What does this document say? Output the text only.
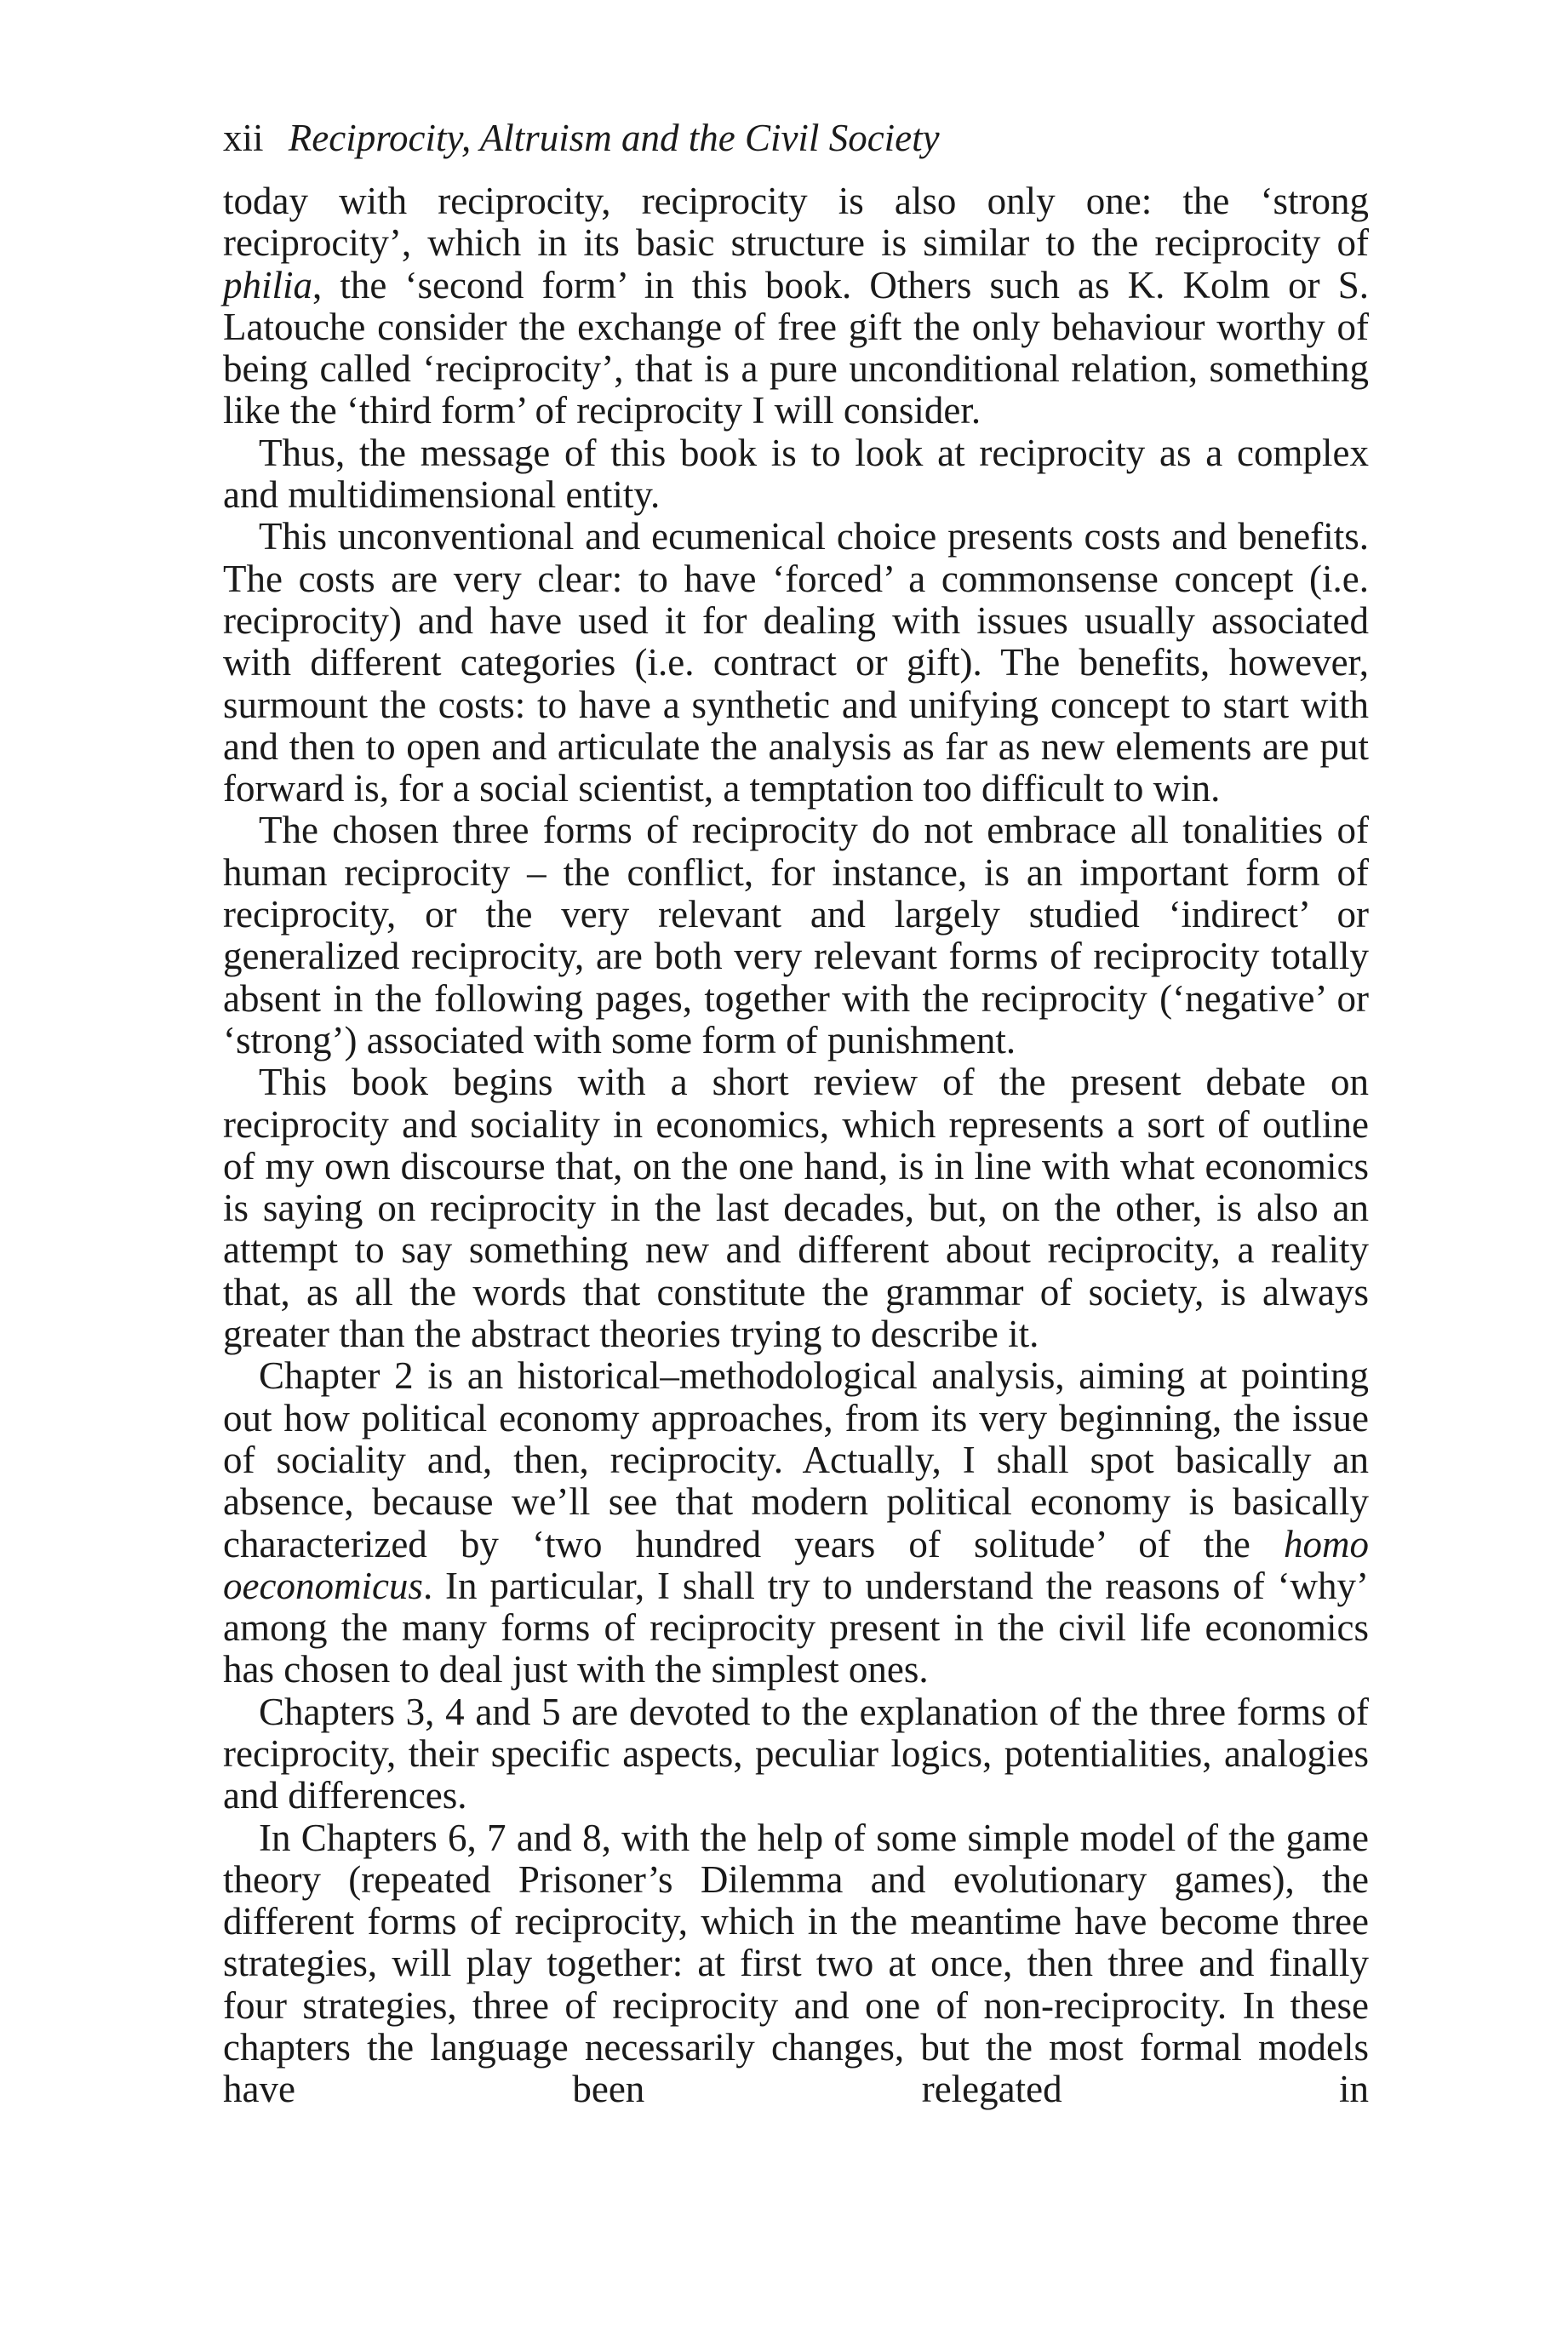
xii Reciprocity, Altruism and the Civil Society

today with reciprocity, reciprocity is also only one: the ‘strong reciprocity’, which in its basic structure is similar to the reciprocity of philia, the ‘second form’ in this book. Others such as K. Kolm or S. Latouche consider the exchange of free gift the only behaviour worthy of being called ‘reciprocity’, that is a pure unconditional relation, something like the ‘third form’ of reciprocity I will consider.

Thus, the message of this book is to look at reciprocity as a complex and multidimensional entity.

This unconventional and ecumenical choice presents costs and benefits. The costs are very clear: to have ‘forced’ a commonsense concept (i.e. reciprocity) and have used it for dealing with issues usually associated with different categories (i.e. contract or gift). The benefits, however, surmount the costs: to have a synthetic and unifying concept to start with and then to open and articulate the analysis as far as new elements are put forward is, for a social scientist, a temptation too difficult to win.

The chosen three forms of reciprocity do not embrace all tonalities of human reciprocity – the conflict, for instance, is an important form of reciprocity, or the very relevant and largely studied ‘indirect’ or generalized reciprocity, are both very relevant forms of reciprocity totally absent in the following pages, together with the reciprocity (‘negative’ or ‘strong’) associated with some form of punishment.

This book begins with a short review of the present debate on reciprocity and sociality in economics, which represents a sort of outline of my own discourse that, on the one hand, is in line with what economics is saying on reciprocity in the last decades, but, on the other, is also an attempt to say something new and different about reciprocity, a reality that, as all the words that constitute the grammar of society, is always greater than the abstract theories trying to describe it.

Chapter 2 is an historical–methodological analysis, aiming at pointing out how political economy approaches, from its very beginning, the issue of sociality and, then, reciprocity. Actually, I shall spot basically an absence, because we’ll see that modern political economy is basically characterized by ‘two hundred years of solitude’ of the homo oeconomicus. In particular, I shall try to understand the reasons of ‘why’ among the many forms of reciprocity present in the civil life economics has chosen to deal just with the simplest ones.

Chapters 3, 4 and 5 are devoted to the explanation of the three forms of reciprocity, their specific aspects, peculiar logics, potentialities, analogies and differences.

In Chapters 6, 7 and 8, with the help of some simple model of the game theory (repeated Prisoner’s Dilemma and evolutionary games), the different forms of reciprocity, which in the meantime have become three strategies, will play together: at first two at once, then three and finally four strategies, three of reciprocity and one of non-reciprocity. In these chapters the language necessarily changes, but the most formal models have been relegated in
